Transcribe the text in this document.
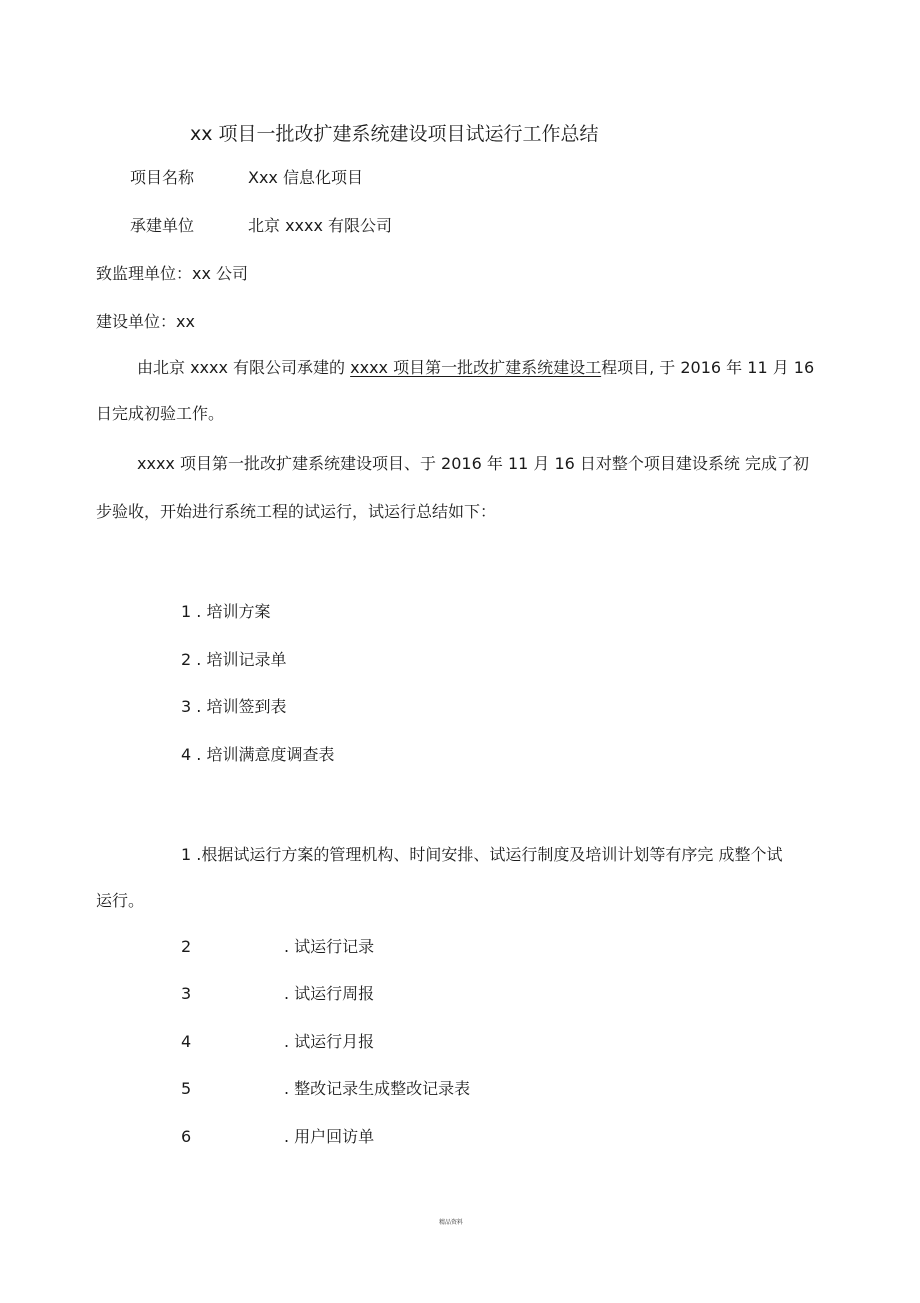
xx 项目一批改扩建系统建设项目试运行工作总结
项目名称	Xxx 信息化项目
承建单位	北京 xxxx 有限公司
致监理单位：xx 公司
建设单位：xx
由北京 xxxx 有限公司承建的 xxxx 项目第一批改扩建系统建设工程项目, 于 2016 年 11 月 16
日完成初验工作。
xxxx 项目第一批改扩建系统建设项目、于 2016 年 11 月 16 日对整个项目建设系统 完成了初
步验收，开始进行系统工程的试运行，试运行总结如下：
1 . 培训方案
2 . 培训记录单
3 . 培训签到表
4 . 培训满意度调查表
1 .根据试运行方案的管理机构、时间安排、试运行制度及培训计划等有序完 成整个试
运行。
2	. 试运行记录
3	. 试运行周报
4	. 试运行月报
5	. 整改记录生成整改记录表
6	. 用户回访单
精品资料
